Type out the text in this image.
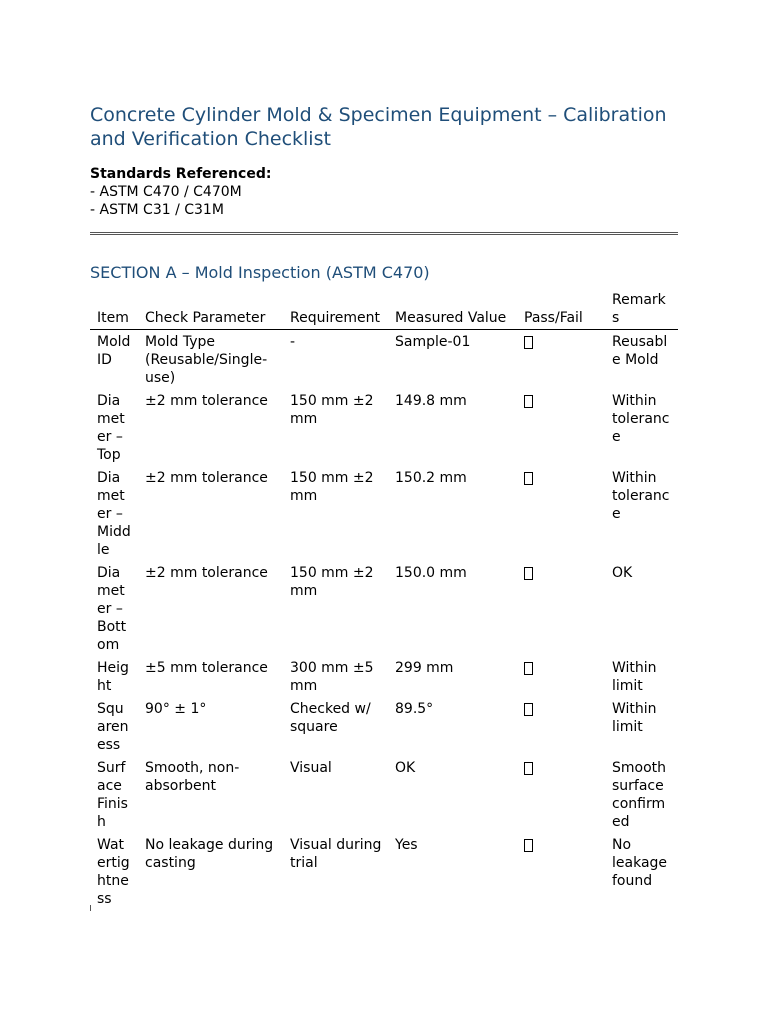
Concrete Cylinder Mold & Specimen Equipment – Calibration and Verification Checklist
Standards Referenced:
- ASTM C470 / C470M
- ASTM C31 / C31M
SECTION A – Mold Inspection (ASTM C470)
Item	Check Parameter	Requirement	Measured Value	Pass/Fail	Remarks
Mold ID	Mold Type (Reusable/Single-use)	-	Sample-01		Reusable Mold
Diameter – Top	±2 mm tolerance	150 mm ±2 mm	149.8 mm		Within tolerance
Diameter – Middle	±2 mm tolerance	150 mm ±2 mm	150.2 mm		Within tolerance
Diameter – Bottom	±2 mm tolerance	150 mm ±2 mm	150.0 mm		OK
Height	±5 mm tolerance	300 mm ±5 mm	299 mm		Within limit
Squareness	90° ± 1°	Checked w/ square	89.5°		Within limit
Surface Finish	Smooth, non-absorbent	Visual	OK		Smooth surface confirmed
Watertightness	No leakage during casting	Visual during trial	Yes		No leakage found
